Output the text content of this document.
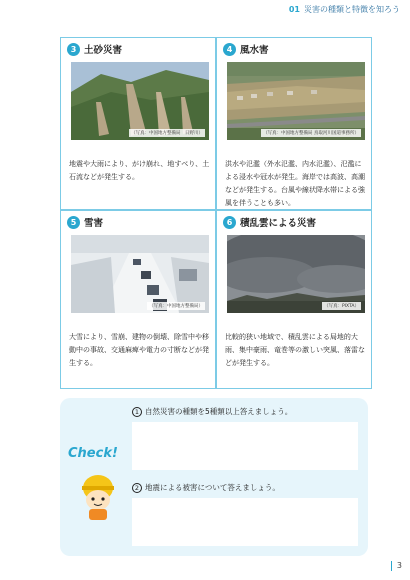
01 災害の種類と特徴を知ろう
3 土砂災害
（写真：中国地方整備局　日野川）

地震や大雨により、がけ崩れ、地すべり、土石流などが発生する。

4 風水害
（写真：中国地方整備局 鳥取河川国道事務所）

洪水や氾濫（外水氾濫、内水氾濫）、氾濫による浸水や冠水が発生。海岸では高波、高潮などが発生する。台風や線状降水帯による強風を伴うことも多い。

5 雪害
（写真：中国地方整備局）

大雪により、雪崩、建物の倒壊、除雪中や移動中の事故、交通麻痺や電力の寸断などが発生する。

6 積乱雲による災害
（写真：PIXTA）

比較的狭い地域で、積乱雲による局地的大雨、集中豪雨、竜巻等の激しい突風、落雷などが発生する。

Check!
1 自然災害の種類を5種類以上答えましょう。
2 地震による被害について答えましょう。
3
